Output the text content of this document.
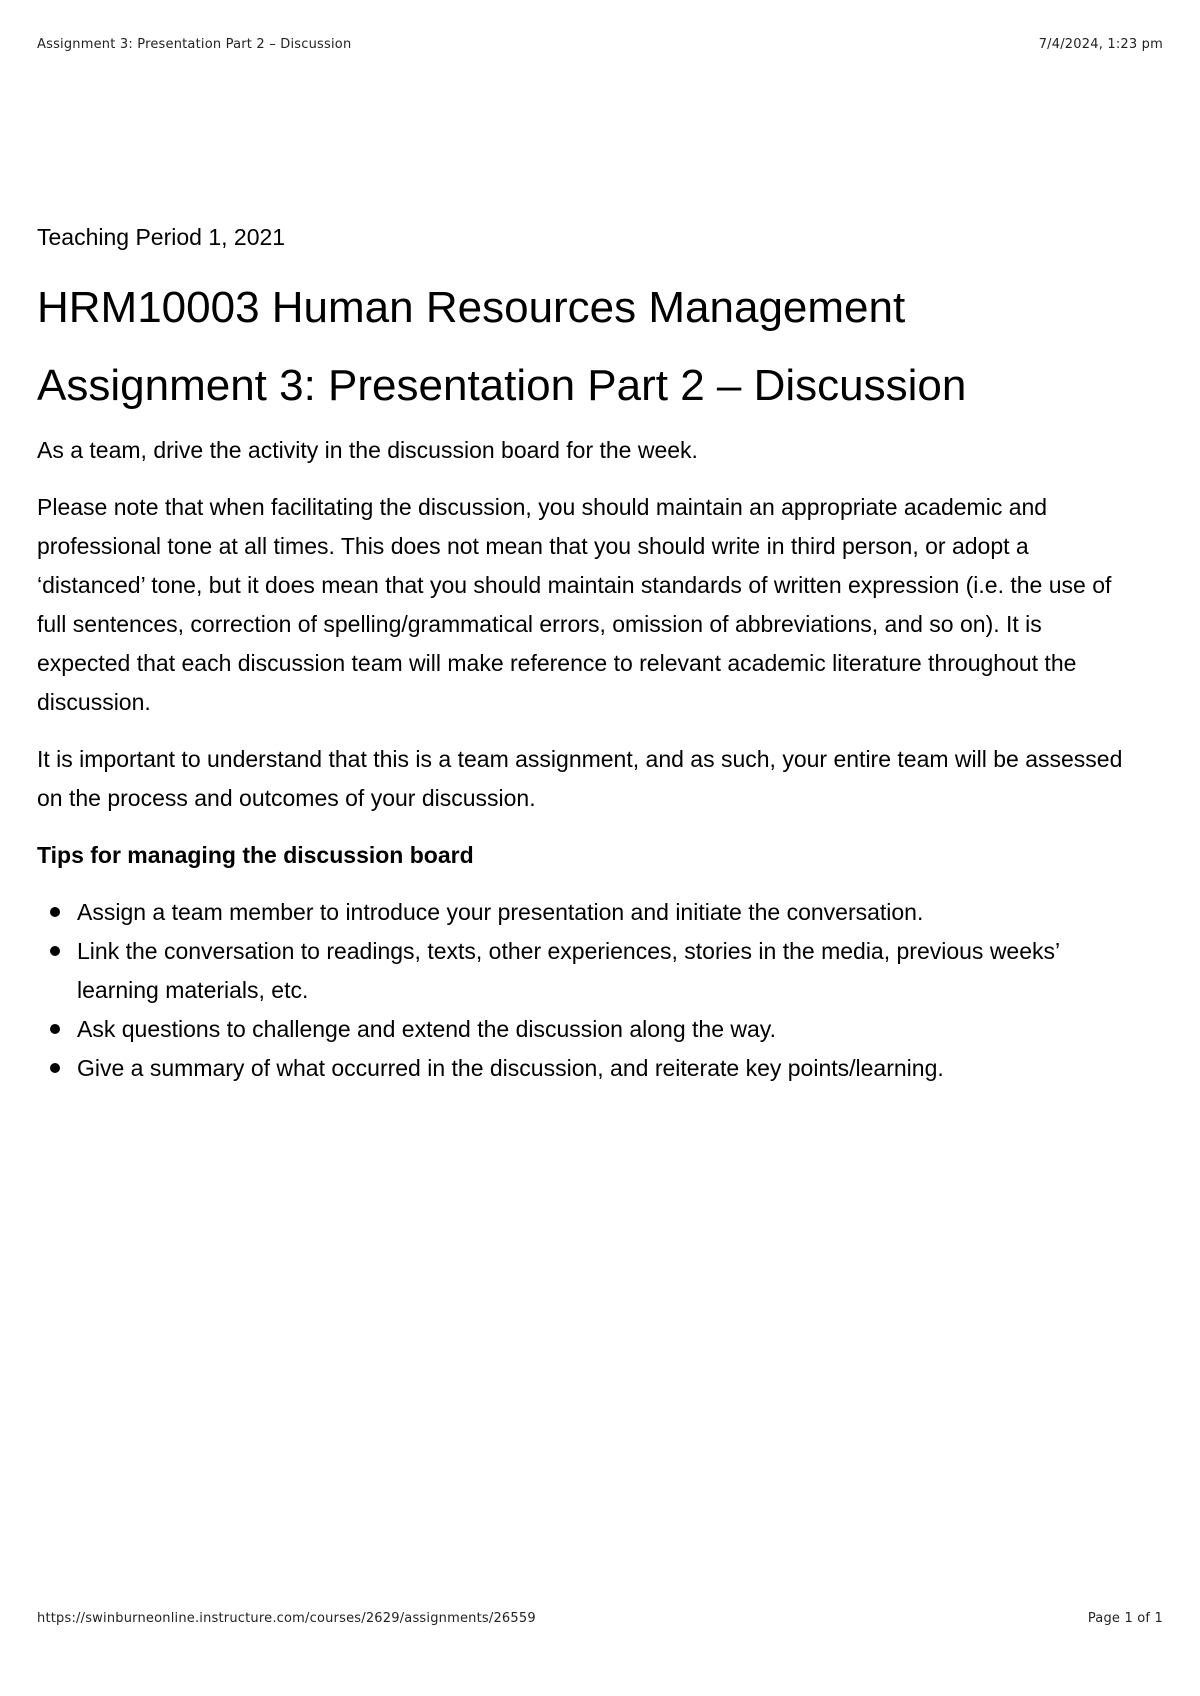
Assignment 3: Presentation Part 2 – Discussion	7/4/2024, 1:23 pm
Teaching Period 1, 2021
HRM10003 Human Resources Management
Assignment 3: Presentation Part 2 – Discussion

As a team, drive the activity in the discussion board for the week.

Please note that when facilitating the discussion, you should maintain an appropriate academic and professional tone at all times. This does not mean that you should write in third person, or adopt a ‘distanced’ tone, but it does mean that you should maintain standards of written expression (i.e. the use of full sentences, correction of spelling/grammatical errors, omission of abbreviations, and so on). It is expected that each discussion team will make reference to relevant academic literature throughout the discussion.

It is important to understand that this is a team assignment, and as such, your entire team will be assessed on the process and outcomes of your discussion.

Tips for managing the discussion board

Assign a team member to introduce your presentation and initiate the conversation.
Link the conversation to readings, texts, other experiences, stories in the media, previous weeks’ learning materials, etc.
Ask questions to challenge and extend the discussion along the way.
Give a summary of what occurred in the discussion, and reiterate key points/learning.
https://swinburneonline.instructure.com/courses/2629/assignments/26559	Page 1 of 1
